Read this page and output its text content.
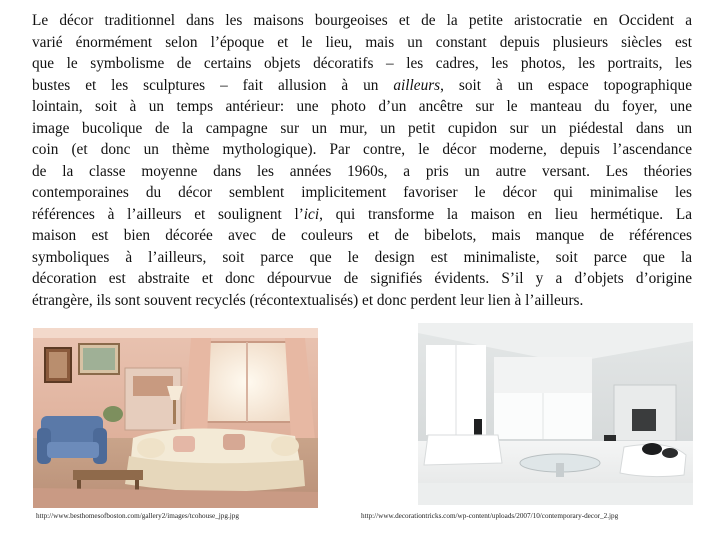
Le décor traditionnel dans les maisons bourgeoises et de la petite aristocratie en Occident a
varié énormément selon l’époque et le lieu, mais un constant depuis plusieurs siècles est
que le symbolisme de certains objets décoratifs – les cadres, les photos, les portraits, les
bustes et les sculptures – fait allusion à un ailleurs, soit à un espace topographique
lointain, soit à un temps antérieur: une photo d’un ancêtre sur le manteau du foyer, une
image bucolique de la campagne sur un mur, un petit cupidon sur un piédestal dans un
coin (et donc un thème mythologique). Par contre, le décor moderne, depuis l’ascendance
de la classe moyenne dans les années 1960s, a pris un autre versant. Les théories
contemporaines du décor semblent implicitement favoriser le décor qui minimalise les
références à l’ailleurs et soulignent l’ici, qui transforme la maison en lieu hermétique. La
maison est bien décorée avec de couleurs et de bibelots, mais manque de références
symboliques à l’ailleurs, soit parce que le design est minimaliste, soit parce que la
décoration est abstraite et donc dépourvue de signifiés évidents. S’il y a d’objets d’origine
étrangère, ils sont souvent recyclés (récontextualisés) et donc perdent leur lien à l’ailleurs.
http://www.besthomesofboston.com/gallery2/images/tcohouse_jpg.jpg	http://www.decorationtricks.com/wp-content/uploads/2007/10/contemporary-decor_2.jpg
